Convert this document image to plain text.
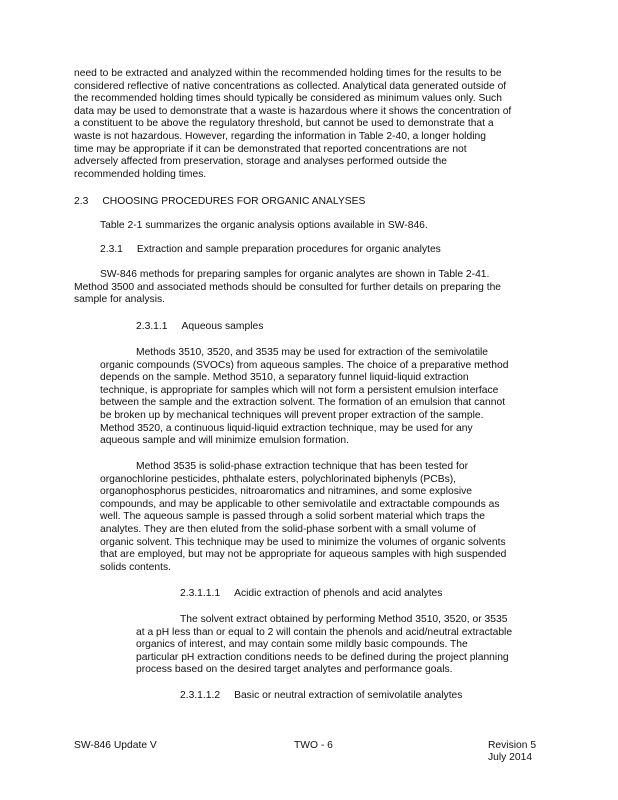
need to be extracted and analyzed within the recommended holding times for the results to be
considered reflective of native concentrations as collected. Analytical data generated outside of
the recommended holding times should typically be considered as minimum values only. Such
data may be used to demonstrate that a waste is hazardous where it shows the concentration of
a constituent to be above the regulatory threshold, but cannot be used to demonstrate that a
waste is not hazardous. However, regarding the information in Table 2-40, a longer holding
time may be appropriate if it can be demonstrated that reported concentrations are not
adversely affected from preservation, storage and analyses performed outside the
recommended holding times.
2.3 CHOOSING PROCEDURES FOR ORGANIC ANALYSES
Table 2-1 summarizes the organic analysis options available in SW-846.
2.3.1 Extraction and sample preparation procedures for organic analytes
SW-846 methods for preparing samples for organic analytes are shown in Table 2-41.
Method 3500 and associated methods should be consulted for further details on preparing the
sample for analysis.
2.3.1.1 Aqueous samples
Methods 3510, 3520, and 3535 may be used for extraction of the semivolatile
organic compounds (SVOCs) from aqueous samples. The choice of a preparative method
depends on the sample. Method 3510, a separatory funnel liquid-liquid extraction
technique, is appropriate for samples which will not form a persistent emulsion interface
between the sample and the extraction solvent. The formation of an emulsion that cannot
be broken up by mechanical techniques will prevent proper extraction of the sample.
Method 3520, a continuous liquid-liquid extraction technique, may be used for any
aqueous sample and will minimize emulsion formation.
Method 3535 is solid-phase extraction technique that has been tested for
organochlorine pesticides, phthalate esters, polychlorinated biphenyls (PCBs),
organophosphorus pesticides, nitroaromatics and nitramines, and some explosive
compounds, and may be applicable to other semivolatile and extractable compounds as
well. The aqueous sample is passed through a solid sorbent material which traps the
analytes. They are then eluted from the solid-phase sorbent with a small volume of
organic solvent. This technique may be used to minimize the volumes of organic solvents
that are employed, but may not be appropriate for aqueous samples with high suspended
solids contents.
2.3.1.1.1 Acidic extraction of phenols and acid analytes
The solvent extract obtained by performing Method 3510, 3520, or 3535
at a pH less than or equal to 2 will contain the phenols and acid/neutral extractable
organics of interest, and may contain some mildly basic compounds. The
particular pH extraction conditions needs to be defined during the project planning
process based on the desired target analytes and performance goals.
2.3.1.1.2 Basic or neutral extraction of semivolatile analytes
SW-846 Update V	TWO - 6	Revision 5
July 2014
